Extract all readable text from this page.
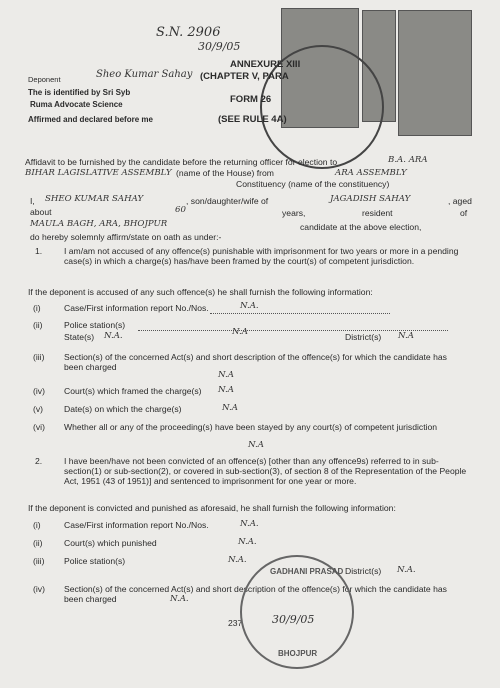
S.N. 2906
30/9/05
ANNEXURE XIII
(CHAPTER V, PARA
FORM 26
(SEE RULE 4A)
Deponent	Sheo Kumar Sahay
The is identified by Sri Syb
Ruma Advocate Science
Affirmed and declared before me
Affidavit to be furnished by the candidate before the returning officer for election to	B.A. ARA
BIHAR LAGISLATIVE ASSEMBLY (name of the House) from	ARA ASSEMBLY
Constituency (name of the constituency)
I, SHEO KUMAR SAHAY	, son/daughter/wife of	JAGADISH SAHAY	, aged
about	60	years,	resident	of
MAULA BAGH, ARA, BHOJPUR	candidate at the above election,
do hereby solemnly affirm/state on oath as under:-
1.	I am/am not accused of any offence(s) punishable with imprisonment for two years or more in a pending case(s) in which a charge(s) has/have been framed by the court(s) of competent jurisdiction.
If the deponent is accused of any such offence(s) he shall furnish the following information:
(i)	Case/First information report No./Nos.	N.A.
(ii) Police station(s)
N.A
State(s) N.A.	District(s) N.A
(iii) Section(s) of the concerned Act(s) and short description of the offence(s) for which the candidate has been charged
N.A
(iv) Court(s) which framed the charge(s) N.A
(v) Date(s) on which the charge(s)	N.A
(vi) Whether all or any of the proceeding(s) have been stayed by any court(s) of competent jurisdiction
N.A
2.	I have been/have not been convicted of an offence(s) [other than any offence9s) referred to in sub-section(1) or sub-section(2), or covered in sub-section(3), of section 8 of the Representation of the People Act, 1951 (43 of 1951)] and sentenced to imprisonment for one year or more.
If the deponent is convicted and punished as aforesaid, he shall furnish the following information:
(i)	Case/First information report No./Nos.	N.A.
(ii) Court(s) which punished	N.A.
(iii) Police station(s)	N.A.
District(s) N.A.
(iv) Section(s) of the concerned Act(s) and short description of the offence(s) for which the candidate has been charged	N.A.
237
GADHANI PRASAD
30/9/05
BHOJPUR
